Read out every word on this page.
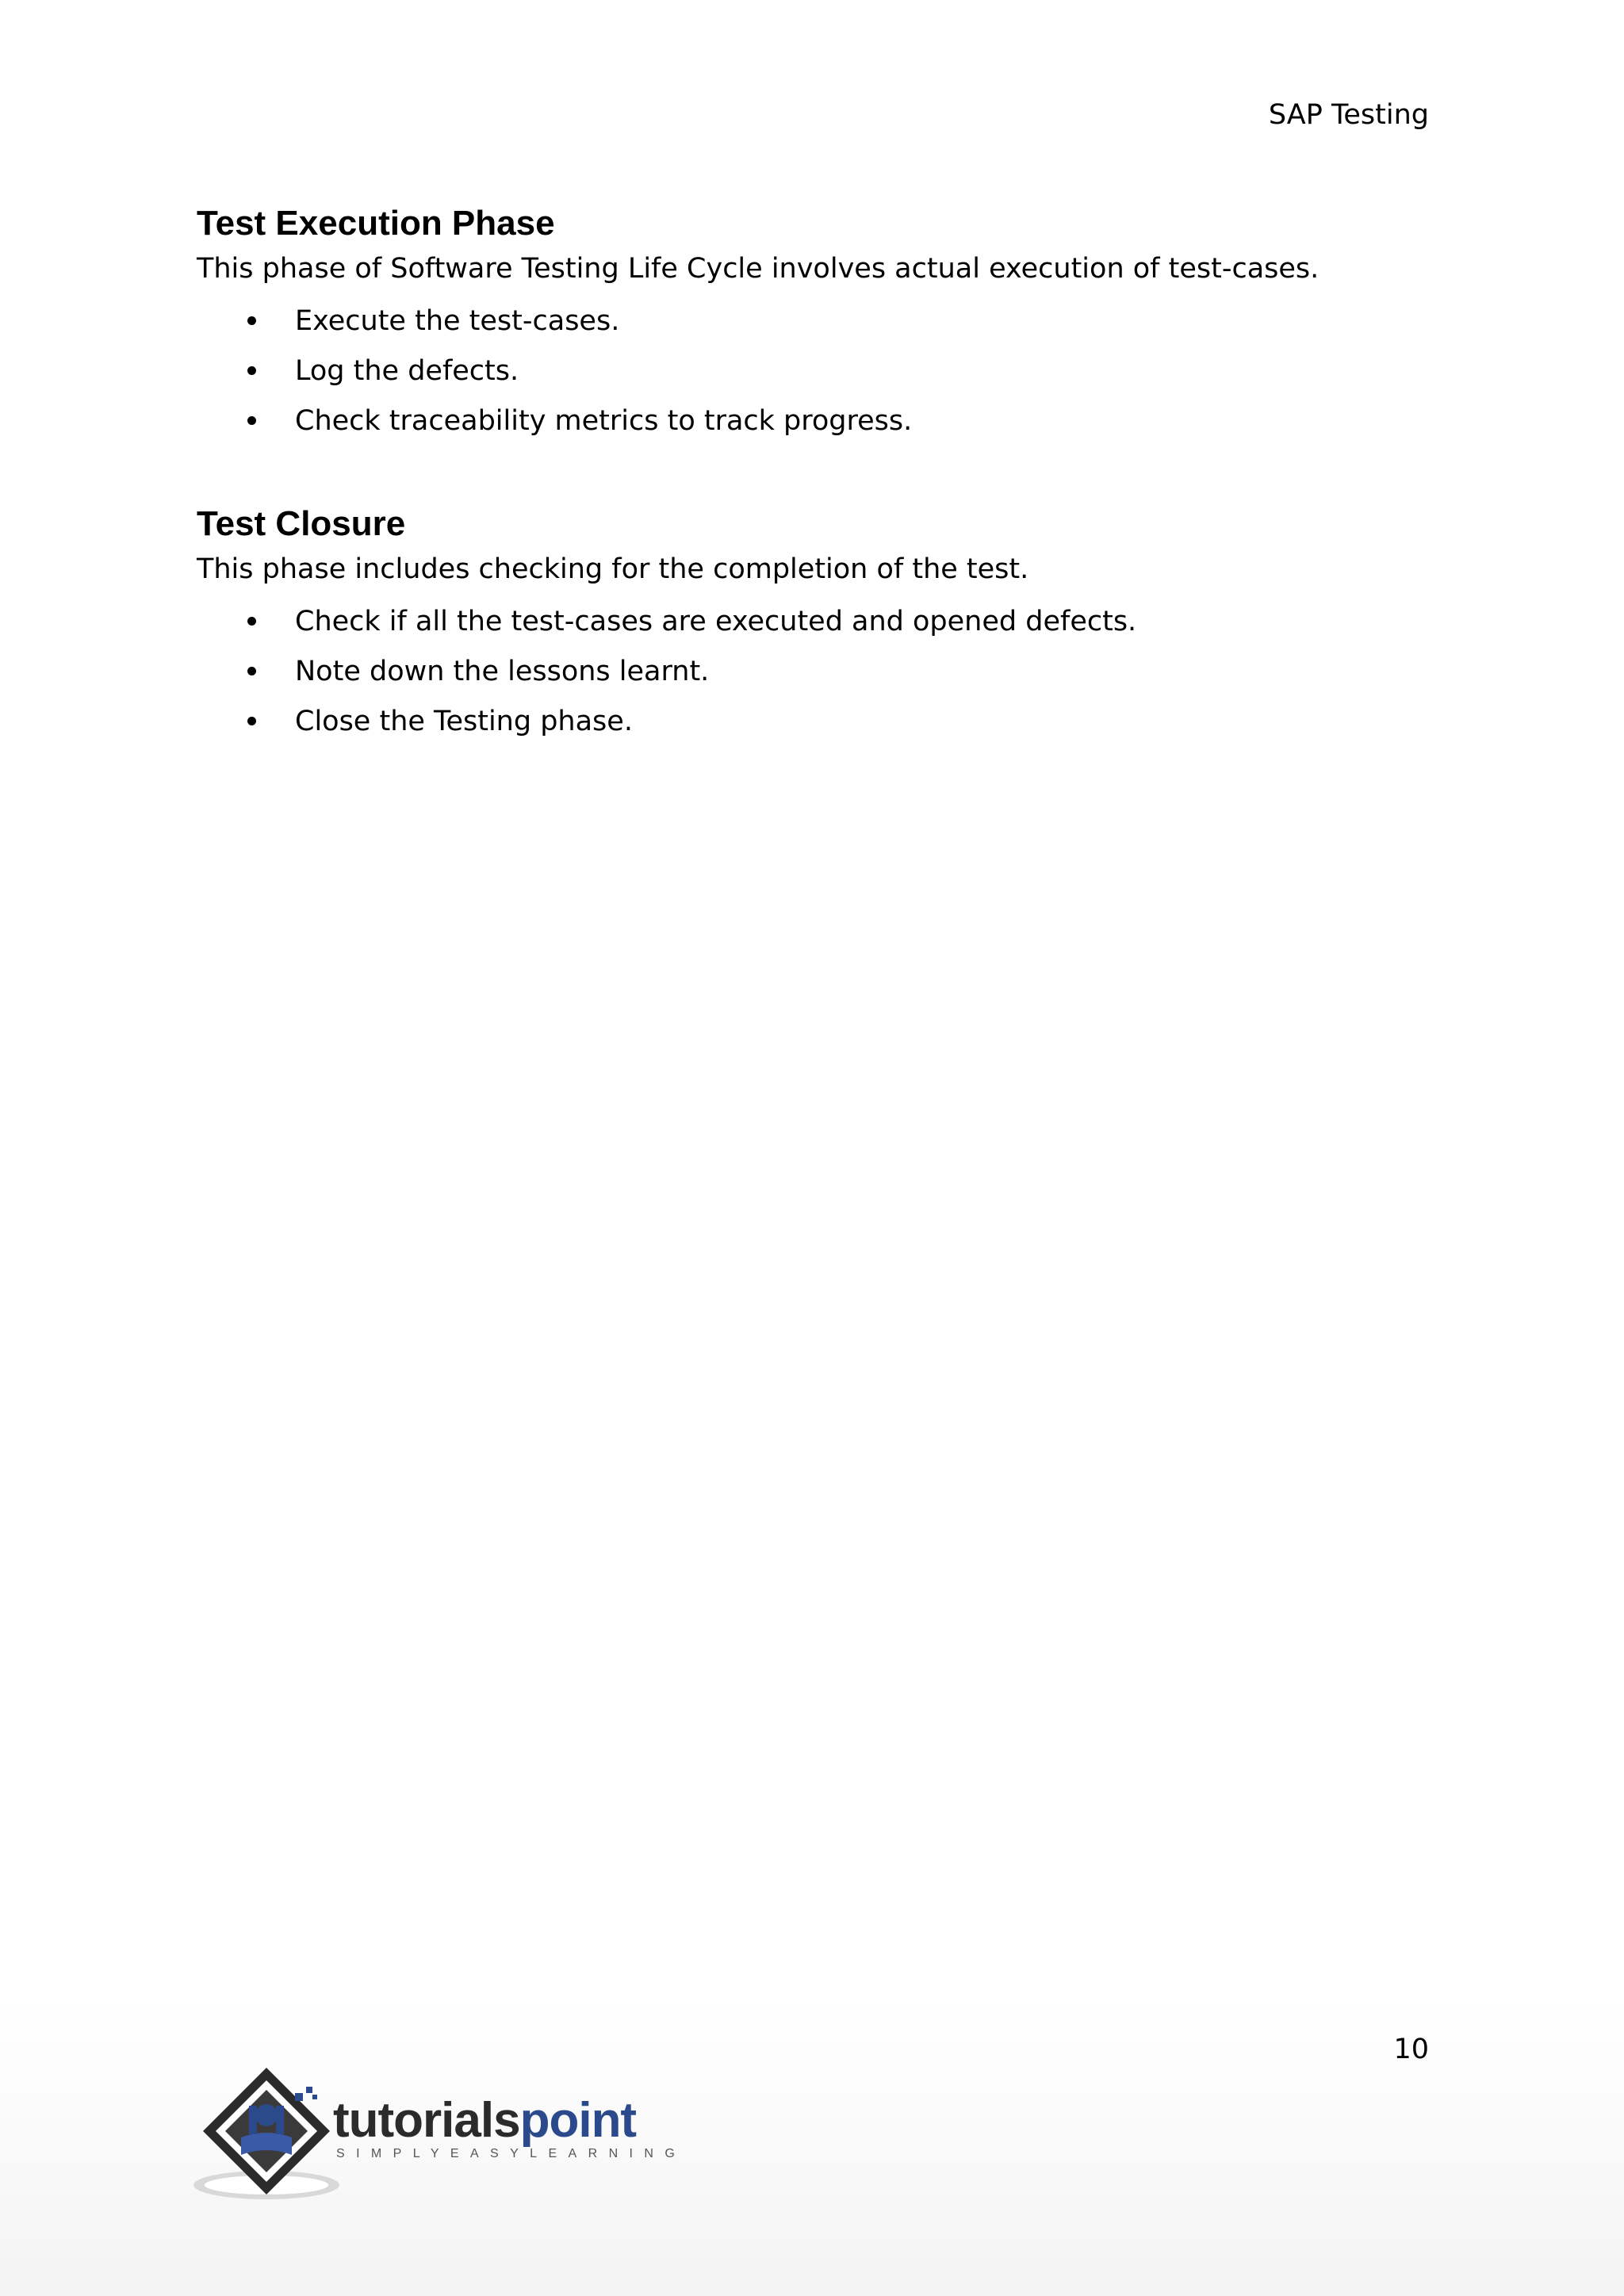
SAP Testing
Test Execution Phase

This phase of Software Testing Life Cycle involves actual execution of test-cases.

Execute the test-cases.
Log the defects.
Check traceability metrics to track progress.
Test Closure

This phase includes checking for the completion of the test.

Check if all the test-cases are executed and opened defects.
Note down the lessons learnt.
Close the Testing phase.
10
tutorialspoint
SIMPLYEASYLEARNING
